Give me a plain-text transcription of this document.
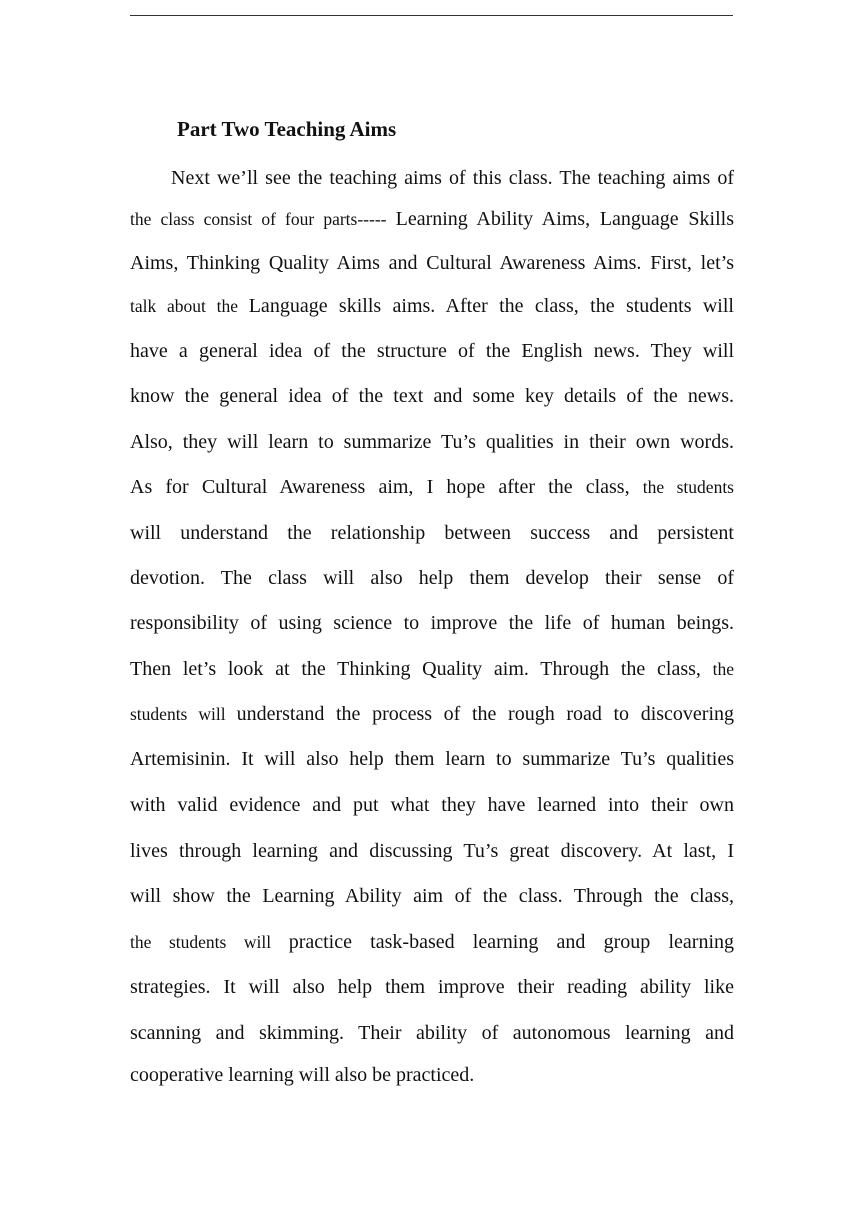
Part Two Teaching Aims
Next we’ll see the teaching aims of this class. The teaching aims of
the class consist of four parts----- Learning Ability Aims, Language Skills
Aims, Thinking Quality Aims and Cultural Awareness Aims. First, let’s
talk about the Language skills aims. After the class, the students will
have a general idea of the structure of the English news. They will
know the general idea of the text and some key details of the news.
Also, they will learn to summarize Tu’s qualities in their own words.
As for Cultural Awareness aim, I hope after the class, the students
will understand the relationship between success and persistent
devotion. The class will also help them develop their sense of
responsibility of using science to improve the life of human beings.
Then let’s look at the Thinking Quality aim. Through the class, the
students will understand the process of the rough road to discovering
Artemisinin. It will also help them learn to summarize Tu’s qualities
with valid evidence and put what they have learned into their own
lives through learning and discussing Tu’s great discovery. At last, I
will show the Learning Ability aim of the class. Through the class,
the students will practice task-based learning and group learning
strategies. It will also help them improve their reading ability like
scanning and skimming. Their ability of autonomous learning and
cooperative learning will also be practiced.
